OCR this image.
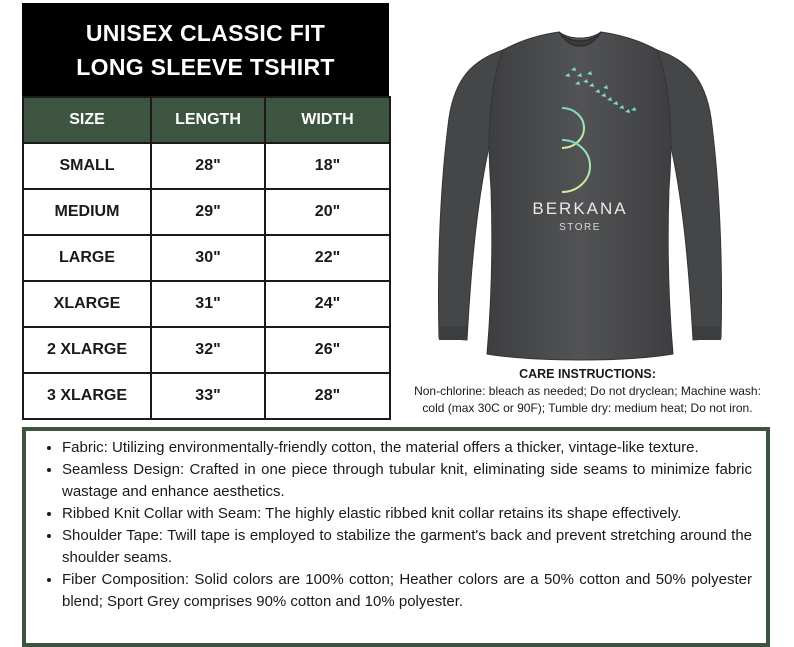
UNISEX CLASSIC FIT
LONG SLEEVE TSHIRT
SIZE	LENGTH	WIDTH
SMALL	28"	18"
MEDIUM	29"	20"
LARGE	30"	22"
XLARGE	31"	24"
2 XLARGE	32"	26"
3 XLARGE	33"	28"
BERKANA
STORE
CARE INSTRUCTIONS:
Non-chlorine: bleach as needed; Do not dryclean; Machine wash:
cold (max 30C or 90F); Tumble dry: medium heat; Do not iron.
• Fabric: Utilizing environmentally-friendly cotton, the material offers a thicker, vintage-like texture.
• Seamless Design: Crafted in one piece through tubular knit, eliminating side seams to minimize fabric wastage and enhance aesthetics.
• Ribbed Knit Collar with Seam: The highly elastic ribbed knit collar retains its shape effectively.
• Shoulder Tape: Twill tape is employed to stabilize the garment's back and prevent stretching around the shoulder seams.
• Fiber Composition: Solid colors are 100% cotton; Heather colors are a 50% cotton and 50% polyester blend; Sport Grey comprises 90% cotton and 10% polyester.
